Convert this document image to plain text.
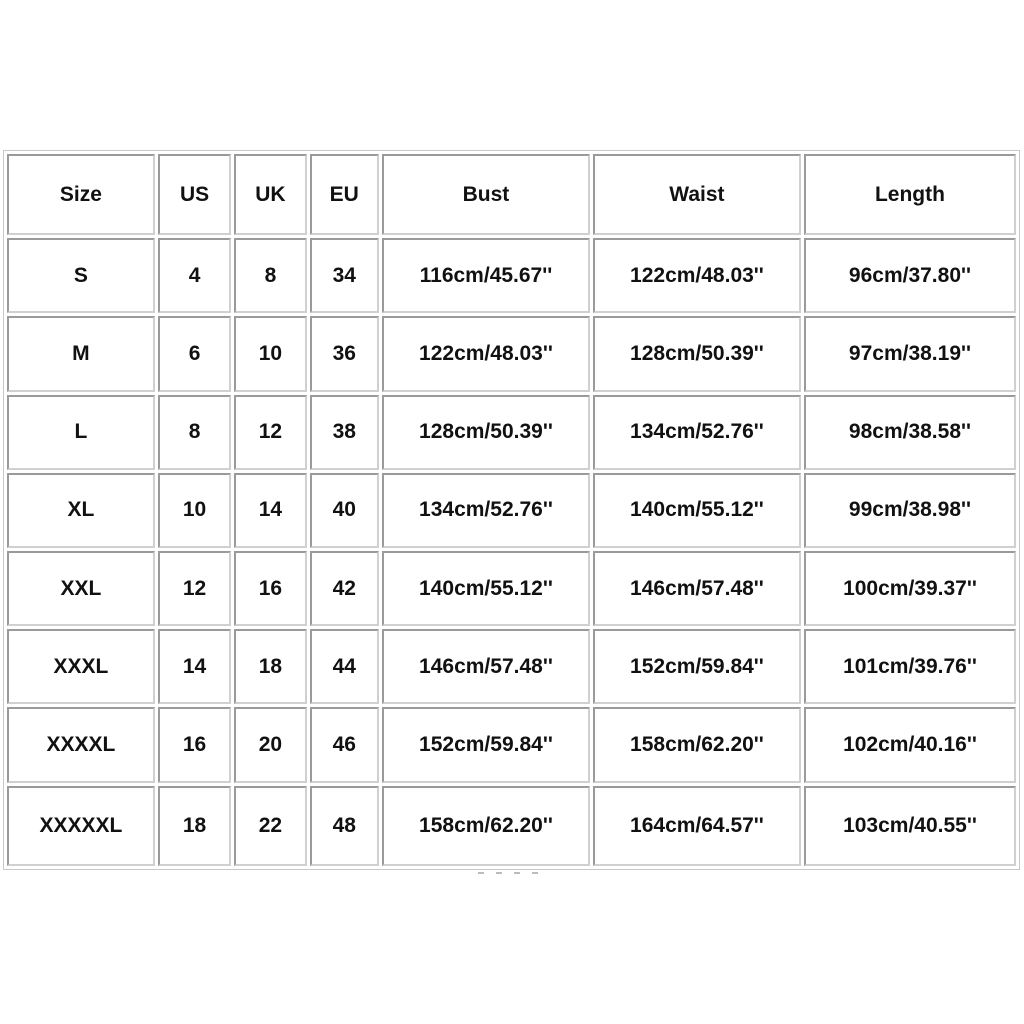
Size	US	UK	EU	Bust	Waist	Length
S	4	8	34	116cm/45.67''	122cm/48.03''	96cm/37.80''
M	6	10	36	122cm/48.03''	128cm/50.39''	97cm/38.19''
L	8	12	38	128cm/50.39''	134cm/52.76''	98cm/38.58''
XL	10	14	40	134cm/52.76''	140cm/55.12''	99cm/38.98''
XXL	12	16	42	140cm/55.12''	146cm/57.48''	100cm/39.37''
XXXL	14	18	44	146cm/57.48''	152cm/59.84''	101cm/39.76''
XXXXL	16	20	46	152cm/59.84''	158cm/62.20''	102cm/40.16''
XXXXXL	18	22	48	158cm/62.20''	164cm/64.57''	103cm/40.55''
